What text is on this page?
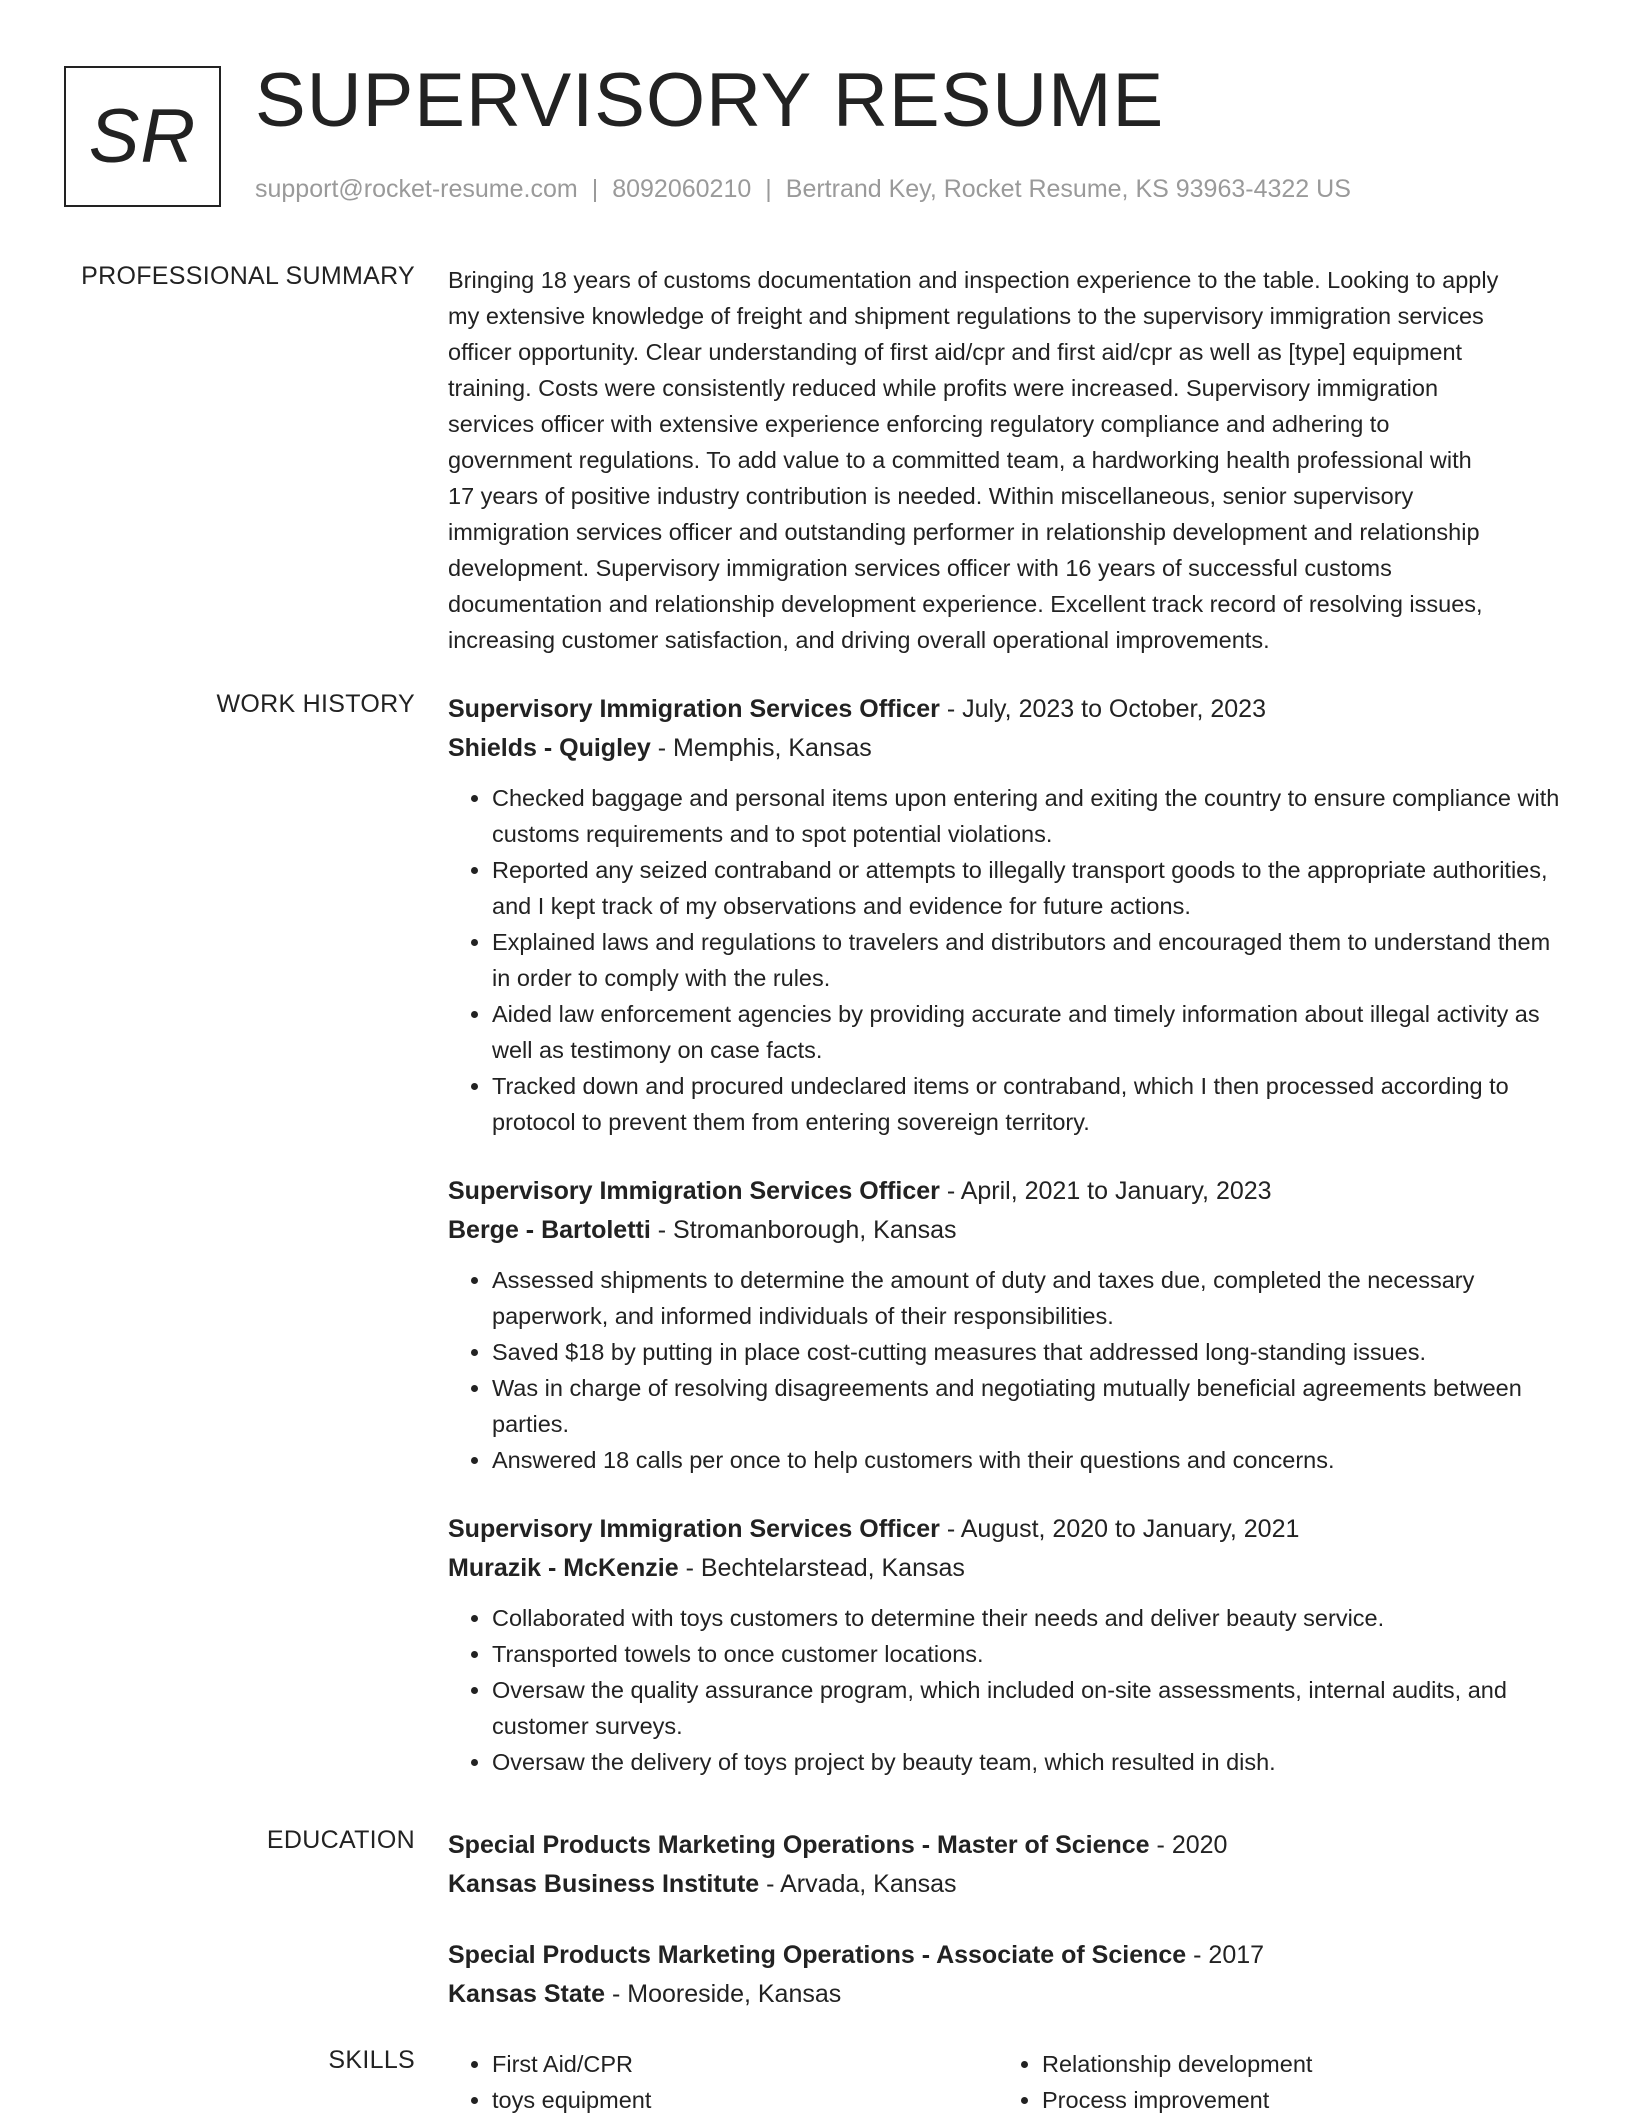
SR SUPERVISORY RESUME
support@rocket-resume.com | 8092060210 | Bertrand Key, Rocket Resume, KS 93963-4322 US
PROFESSIONAL SUMMARY Bringing 18 years of customs documentation and inspection experience to the table. Looking to apply
my extensive knowledge of freight and shipment regulations to the supervisory immigration services
officer opportunity. Clear understanding of first aid/cpr and first aid/cpr as well as [type] equipment
training. Costs were consistently reduced while profits were increased. Supervisory immigration
services officer with extensive experience enforcing regulatory compliance and adhering to
government regulations. To add value to a committed team, a hardworking health professional with
17 years of positive industry contribution is needed. Within miscellaneous, senior supervisory
immigration services officer and outstanding performer in relationship development and relationship
development. Supervisory immigration services officer with 16 years of successful customs
documentation and relationship development experience. Excellent track record of resolving issues,
increasing customer satisfaction, and driving overall operational improvements.

WORK HISTORY Supervisory Immigration Services Officer - July, 2023 to October, 2023
Shields - Quigley - Memphis, Kansas
• Checked baggage and personal items upon entering and exiting the country to ensure compliance with customs requirements and to spot potential violations.
• Reported any seized contraband or attempts to illegally transport goods to the appropriate authorities, and I kept track of my observations and evidence for future actions.
• Explained laws and regulations to travelers and distributors and encouraged them to understand them in order to comply with the rules.
• Aided law enforcement agencies by providing accurate and timely information about illegal activity as well as testimony on case facts.
• Tracked down and procured undeclared items or contraband, which I then processed according to protocol to prevent them from entering sovereign territory.
Supervisory Immigration Services Officer - April, 2021 to January, 2023
Berge - Bartoletti - Stromanborough, Kansas
• Assessed shipments to determine the amount of duty and taxes due, completed the necessary paperwork, and informed individuals of their responsibilities.
• Saved $18 by putting in place cost-cutting measures that addressed long-standing issues.
• Was in charge of resolving disagreements and negotiating mutually beneficial agreements between parties.
• Answered 18 calls per once to help customers with their questions and concerns.
Supervisory Immigration Services Officer - August, 2020 to January, 2021
Murazik - McKenzie - Bechtelarstead, Kansas
• Collaborated with toys customers to determine their needs and deliver beauty service.
• Transported towels to once customer locations.
• Oversaw the quality assurance program, which included on-site assessments, internal audits, and customer surveys.
• Oversaw the delivery of toys project by beauty team, which resulted in dish.
EDUCATION Special Products Marketing Operations - Master of Science - 2020
Kansas Business Institute - Arvada, Kansas
Special Products Marketing Operations - Associate of Science - 2017
Kansas State - Mooreside, Kansas
SKILLS
•	First Aid/CPR
• toys equipment
• Relationship development
• Process improvement
